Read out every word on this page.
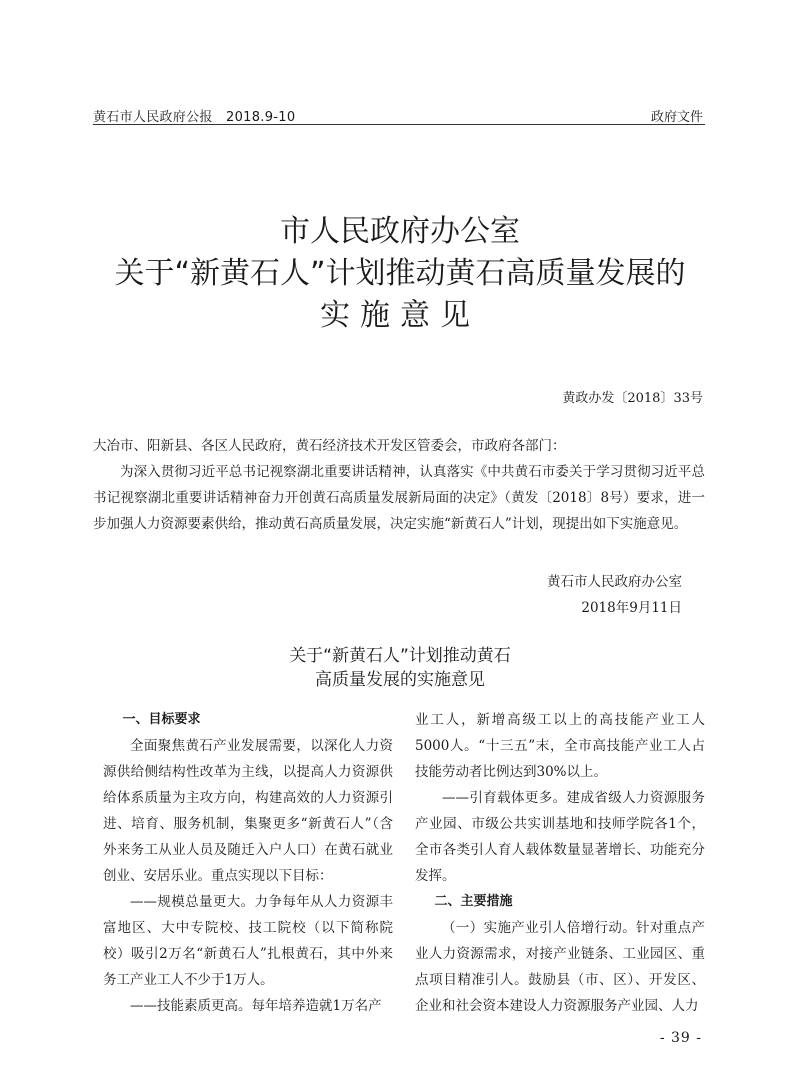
黄石市人民政府公报　2018.9-10	政府文件
市人民政府办公室
关于“新黄石人”计划推动黄石高质量发展的
实施意见
黄政办发〔2018〕33号
大冶市、阳新县、各区人民政府，黄石经济技术开发区管委会，市政府各部门：

为深入贯彻习近平总书记视察湖北重要讲话精神，认真落实《中共黄石市委关于学习贯彻习近平总书记视察湖北重要讲话精神奋力开创黄石高质量发展新局面的决定》（黄发〔2018〕8号）要求，进一步加强人力资源要素供给，推动黄石高质量发展，决定实施“新黄石人”计划，现提出如下实施意见。

黄石市人民政府办公室
2018年9月11日
关于“新黄石人”计划推动黄石
高质量发展的实施意见

一、目标要求

全面聚焦黄石产业发展需要，以深化人力资源供给侧结构性改革为主线，以提高人力资源供给体系质量为主攻方向，构建高效的人力资源引进、培育、服务机制，集聚更多“新黄石人”（含外来务工从业人员及随迁入户人口）在黄石就业创业、安居乐业。重点实现以下目标：

——规模总量更大。力争每年从人力资源丰富地区、大中专院校、技工院校（以下简称院校）吸引2万名“新黄石人”扎根黄石，其中外来务工产业工人不少于1万人。

——技能素质更高。每年培养造就1万名产

业工人，新增高级工以上的高技能产业工人5000人。“十三五”末，全市高技能产业工人占技能劳动者比例达到30%以上。

——引育载体更多。建成省级人力资源服务产业园、市级公共实训基地和技师学院各1个，全市各类引人育人载体数量显著增长、功能充分发挥。

二、主要措施

（一）实施产业引人倍增行动。针对重点产业人力资源需求，对接产业链条、工业园区、重点项目精准引人。鼓励县（市、区）、开发区、企业和社会资本建设人力资源服务产业园、人力

- 39 -
